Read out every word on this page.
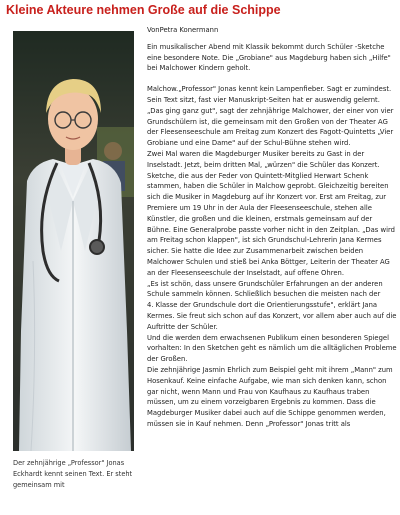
Kleine Akteure nehmen Große auf die Schippe
Der zehnjährige „Professor" Jonas Eckhardt kennt seinen Text. Er steht gemeinsam mit

VonPetra Konermann

Ein musikalischer Abend mit Klassik bekommt durch Schüler -Sketche eine besondere Note. Die „Grobiane" aus Magdeburg haben sich „Hilfe" bei Malchower Kindern geholt.

Malchow.„Professor" Jonas kennt kein Lampenfieber. Sagt er zumindest. Sein Text sitzt, fast vier Manuskript-Seiten hat er auswendig gelernt. „Das ging ganz gut", sagt der zehnjährige Malchower, der einer von vier Grundschülern ist, die gemeinsam mit den Großen von der Theater AG der Fleesenseeschule am Freitag zum Konzert des Fagott-Quintetts „Vier Grobiane und eine Dame" auf der Schul-Bühne stehen wird.

Zwei Mal waren die Magdeburger Musiker bereits zu Gast in der Inselstadt. Jetzt, beim dritten Mal, „würzen" die Schüler das Konzert. Sketche, die aus der Feder von Quintett-Mitglied Herwart Schenk stammen, haben die Schüler in Malchow geprobt. Gleichzeitig bereiten sich die Musiker in Magdeburg auf ihr Konzert vor. Erst am Freitag, zur Premiere um 19 Uhr in der Aula der Fleesenseeschule, stehen alle Künstler, die großen und die kleinen, erstmals gemeinsam auf der Bühne. Eine Generalprobe passte vorher nicht in den Zeitplan. „Das wird am Freitag schon klappen", ist sich Grundschul-Lehrerin Jana Kermes sicher. Sie hatte die Idee zur Zusammenarbeit zwischen beiden Malchower Schulen und stieß bei Anka Böttger, Leiterin der Theater AG an der Fleesenseeschule der Inselstadt, auf offene Ohren.

„Es ist schön, dass unsere Grundschüler Erfahrungen an der anderen Schule sammeln können. Schließlich besuchen die meisten nach der

4. Klasse der Grundschule dort die Orientierungsstufe", erklärt Jana Kermes. Sie freut sich schon auf das Konzert, vor allem aber auch auf die Auftritte der Schüler.

Und die werden dem erwachsenen Publikum einen besonderen Spiegel vorhalten: In den Sketchen geht es nämlich um die alltäglichen Probleme der Großen.

Die zehnjährige Jasmin Ehrlich zum Beispiel geht mit ihrem „Mann" zum Hosenkauf. Keine einfache Aufgabe, wie man sich denken kann, schon gar nicht, wenn Mann und Frau von Kaufhaus zu Kaufhaus traben müssen, um zu einem vorzeigbaren Ergebnis zu kommen. Dass die Magdeburger Musiker dabei auch auf die Schippe genommen werden, müssen sie in Kauf nehmen. Denn „Professor" Jonas tritt als
